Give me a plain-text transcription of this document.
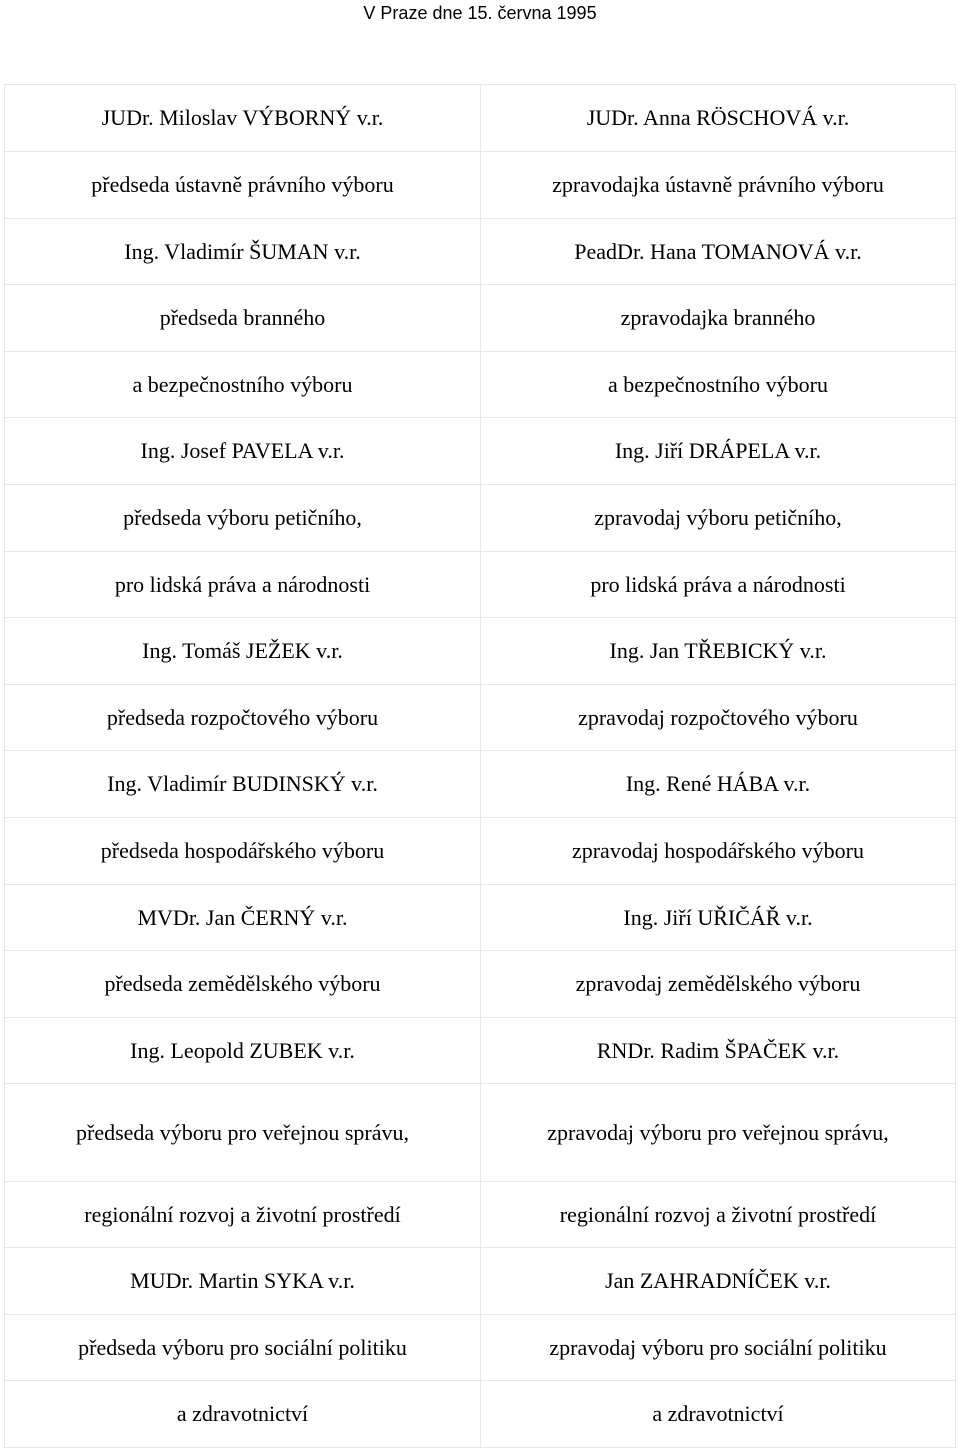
V Praze dne 15. června 1995
JUDr. Miloslav VÝBORNÝ v.r.	JUDr. Anna RÖSCHOVÁ v.r.
předseda ústavně právního výboru	zpravodajka ústavně právního výboru
Ing. Vladimír ŠUMAN v.r.	PeadDr. Hana TOMANOVÁ v.r.
předseda branného	zpravodajka branného
a bezpečnostního výboru	a bezpečnostního výboru
Ing. Josef PAVELA v.r.	Ing. Jiří DRÁPELA v.r.
předseda výboru petičního,	zpravodaj výboru petičního,
pro lidská práva a národnosti	pro lidská práva a národnosti
Ing. Tomáš JEŽEK v.r.	Ing. Jan TŘEBICKÝ v.r.
předseda rozpočtového výboru	zpravodaj rozpočtového výboru
Ing. Vladimír BUDINSKÝ v.r.	Ing. René HÁBA v.r.
předseda hospodářského výboru	zpravodaj hospodářského výboru
MVDr. Jan ČERNÝ v.r.	Ing. Jiří UŘIČÁŘ v.r.
předseda zemědělského výboru	zpravodaj zemědělského výboru
Ing. Leopold ZUBEK v.r.	RNDr. Radim ŠPAČEK v.r.
předseda výboru pro veřejnou správu,	zpravodaj výboru pro veřejnou správu,
regionální rozvoj a životní prostředí	regionální rozvoj a životní prostředí
MUDr. Martin SYKA v.r.	Jan ZAHRADNÍČEK v.r.
předseda výboru pro sociální politiku	zpravodaj výboru pro sociální politiku
a zdravotnictví	a zdravotnictví
